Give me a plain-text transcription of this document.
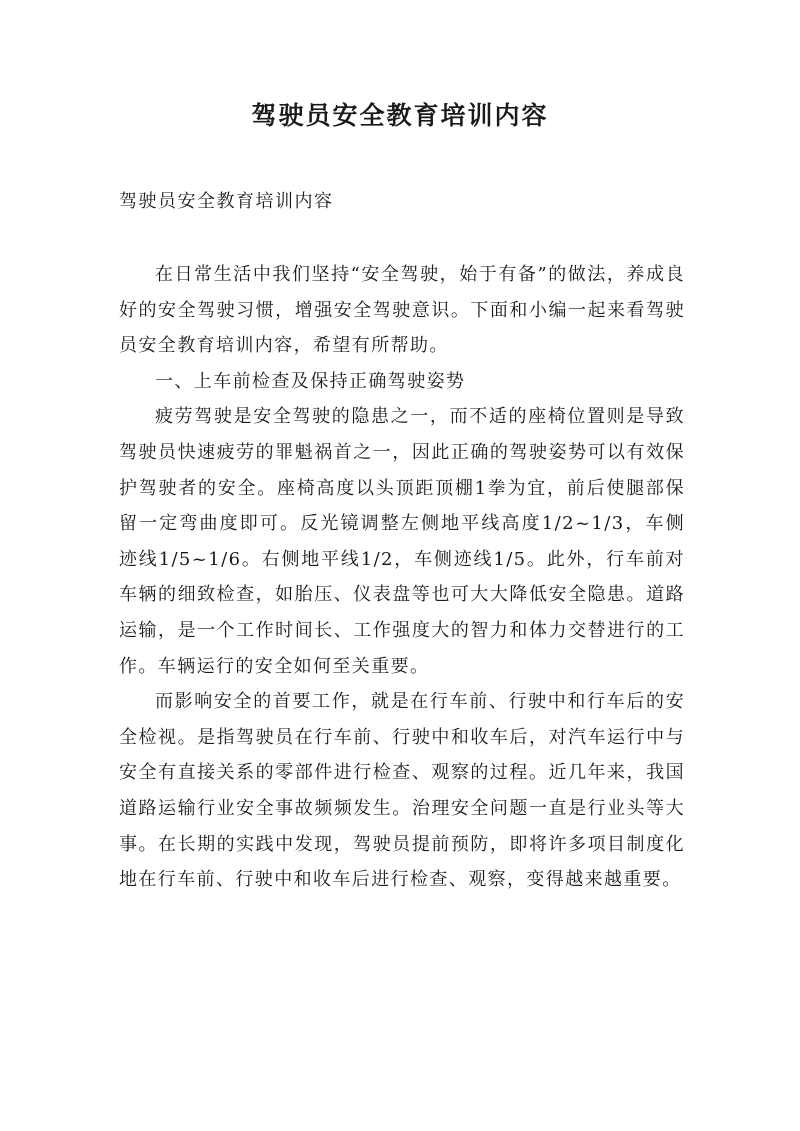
驾驶员安全教育培训内容
驾驶员安全教育培训内容

在日常生活中我们坚持“安全驾驶，始于有备”的做法，养成良好的安全驾驶习惯，增强安全驾驶意识。下面和小编一起来看驾驶员安全教育培训内容，希望有所帮助。

一、上车前检查及保持正确驾驶姿势

疲劳驾驶是安全驾驶的隐患之一，而不适的座椅位置则是导致驾驶员快速疲劳的罪魁祸首之一，因此正确的驾驶姿势可以有效保护驾驶者的安全。座椅高度以头顶距顶棚1拳为宜，前后使腿部保留一定弯曲度即可。反光镜调整左侧地平线高度1/2~1/3，车侧迹线1/5~1/6。右侧地平线1/2，车侧迹线1/5。此外，行车前对车辆的细致检查，如胎压、仪表盘等也可大大降低安全隐患。道路运输，是一个工作时间长、工作强度大的智力和体力交替进行的工作。车辆运行的安全如何至关重要。

而影响安全的首要工作，就是在行车前、行驶中和行车后的安全检视。是指驾驶员在行车前、行驶中和收车后，对汽车运行中与安全有直接关系的零部件进行检查、观察的过程。近几年来，我国道路运输行业安全事故频频发生。治理安全问题一直是行业头等大事。在长期的实践中发现，驾驶员提前预防，即将许多项目制度化地在行车前、行驶中和收车后进行检查、观察，变得越来越重要。
